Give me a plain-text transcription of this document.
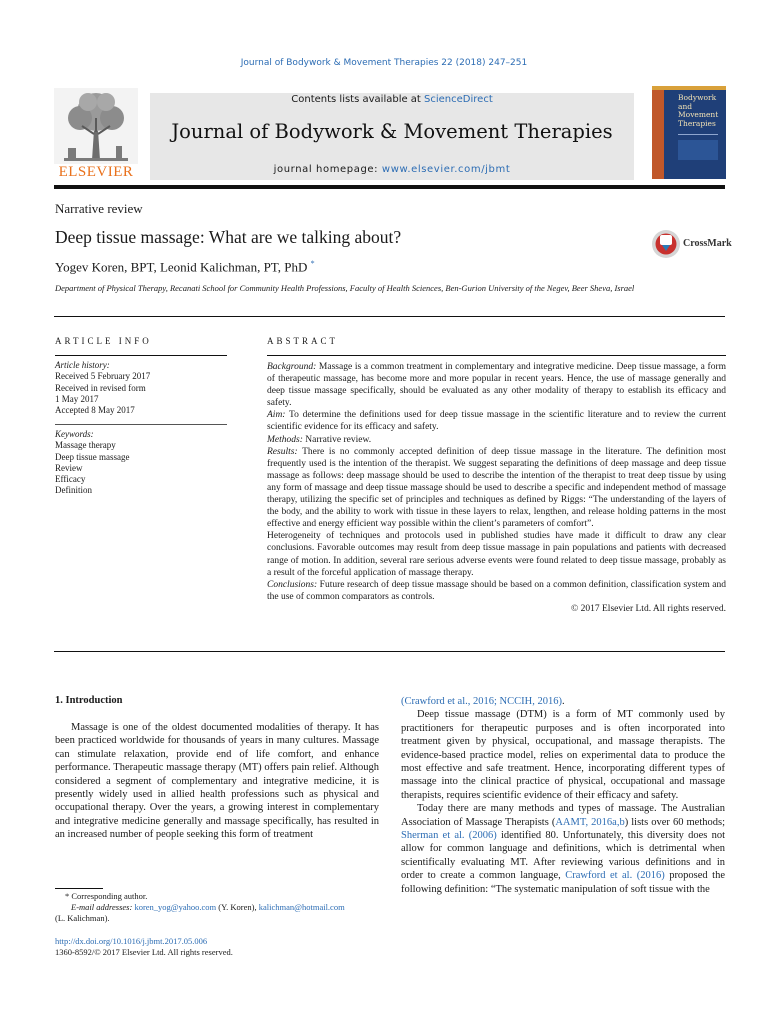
Journal of Bodywork & Movement Therapies 22 (2018) 247–251
ELSEVIER
Contents lists available at ScienceDirect
Journal of Bodywork & Movement Therapies
journal homepage: www.elsevier.com/jbmt
Bodywork
and
Movement
Therapies
Narrative review
Deep tissue massage: What are we talking about?
Yogev Koren, BPT, Leonid Kalichman, PT, PhD *
Department of Physical Therapy, Recanati School for Community Health Professions, Faculty of Health Sciences, Ben-Gurion University of the Negev, Beer Sheva, Israel
CrossMark
ARTICLE INFO
Article history:
Received 5 February 2017
Received in revised form
1 May 2017
Accepted 8 May 2017
Keywords:
Massage therapy
Deep tissue massage
Review
Efficacy
Definition
ABSTRACT

Background: Massage is a common treatment in complementary and integrative medicine. Deep tissue massage, a form of therapeutic massage, has become more and more popular in recent years. Hence, the use of massage generally and deep tissue massage specifically, should be evaluated as any other modality of therapy to establish its efficacy and safety.

Aim: To determine the definitions used for deep tissue massage in the scientific literature and to review the current scientific evidence for its efficacy and safety.

Methods: Narrative review.

Results: There is no commonly accepted definition of deep tissue massage in the literature. The definition most frequently used is the intention of the therapist. We suggest separating the definitions of deep massage and deep tissue massage as follows: deep massage should be used to describe the intention of the therapist to treat deep tissue by using any form of massage and deep tissue massage should be used to describe a specific and independent method of massage therapy, utilizing the specific set of principles and techniques as defined by Riggs: “The understanding of the layers of the body, and the ability to work with tissue in these layers to relax, lengthen, and release holding patterns in the most effective and energy efficient way possible within the client’s parameters of comfort”.

Heterogeneity of techniques and protocols used in published studies have made it difficult to draw any clear conclusions. Favorable outcomes may result from deep tissue massage in pain populations and patients with decreased range of motion. In addition, several rare serious adverse events were found related to deep tissue massage, probably as a result of the forceful application of massage therapy.

Conclusions: Future research of deep tissue massage should be based on a common definition, classification system and the use of common comparators as controls.

© 2017 Elsevier Ltd. All rights reserved.

1. Introduction

Massage is one of the oldest documented modalities of therapy. It has been practiced worldwide for thousands of years in many cultures. Massage can stimulate relaxation, provide end of life comfort, and enhance performance. Therapeutic massage therapy (MT) offers pain relief. Although considered a segment of complementary and integrative medicine, it is presently widely used in allied health professions such as physical and occupational therapy. Over the years, a growing interest in complementary and integrative medicine generally and massage specifically, has resulted in an increased number of people seeking this form of treatment

* Corresponding author.
E-mail addresses: koren_yog@yahoo.com (Y. Koren), kalichman@hotmail.com
(L. Kalichman).
http://dx.doi.org/10.1016/j.jbmt.2017.05.006
1360-8592/© 2017 Elsevier Ltd. All rights reserved.

(Crawford et al., 2016; NCCIH, 2016).

Deep tissue massage (DTM) is a form of MT commonly used by practitioners for therapeutic purposes and is often incorporated into treatment given by physical, occupational, and massage therapists. The evidence-based practice model, relies on experimental data to produce the most effective and safe treatment. Hence, incorporating different types of massage into the clinical practice of physical, occupational and massage therapists, requires scientific evidence of their efficacy and safety.

Today there are many methods and types of massage. The Australian Association of Massage Therapists (AAMT, 2016a,b) lists over 60 methods; Sherman et al. (2006) identified 80. Unfortunately, this diversity does not allow for common language and definitions, which is detrimental when scientifically evaluating MT. After reviewing various definitions and in order to create a common language, Crawford et al. (2016) proposed the following definition: “The systematic manipulation of soft tissue with the
